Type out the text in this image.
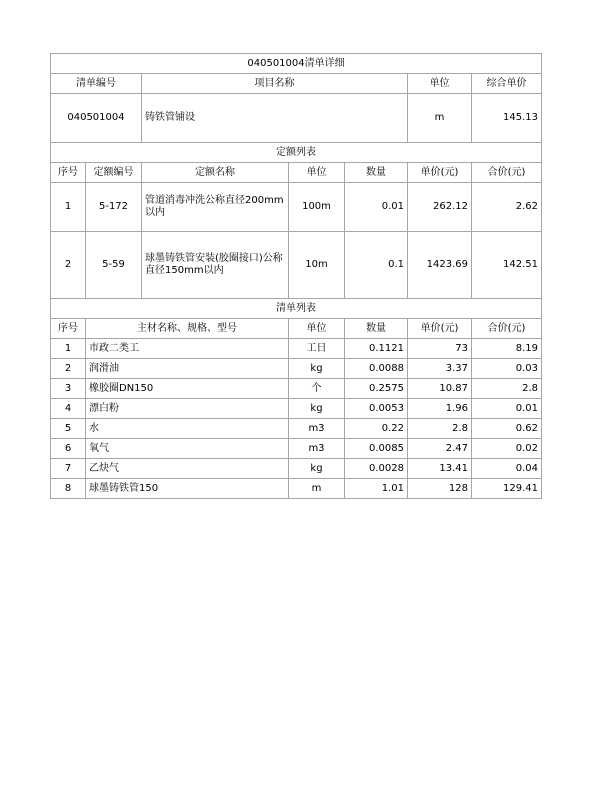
040501004清单详细						
清单编号		项目名称			单位	综合单价
040501004		铸铁管铺设			m	145.13
定额列表						
序号	定额编号	定额名称	单位	数量	单价(元)	合价(元)
1	5-172	管道消毒冲洗公称直径200mm以内	100m	0.01	262.12	2.62
2	5-59	球墨铸铁管安装(胶圈接口)公称直径150mm以内	10m	0.1	1423.69	142.51
清单列表						
序号	主材名称、规格、型号		单位	数量	单价(元)	合价(元)
1	市政二类工		工日	0.1121	73	8.19
2	润滑油		kg	0.0088	3.37	0.03
3	橡胶圈DN150		个	0.2575	10.87	2.8
4	漂白粉		kg	0.0053	1.96	0.01
5	水		m3	0.22	2.8	0.62
6	氧气		m3	0.0085	2.47	0.02
7	乙炔气		kg	0.0028	13.41	0.04
8	球墨铸铁管150		m	1.01	128	129.41
